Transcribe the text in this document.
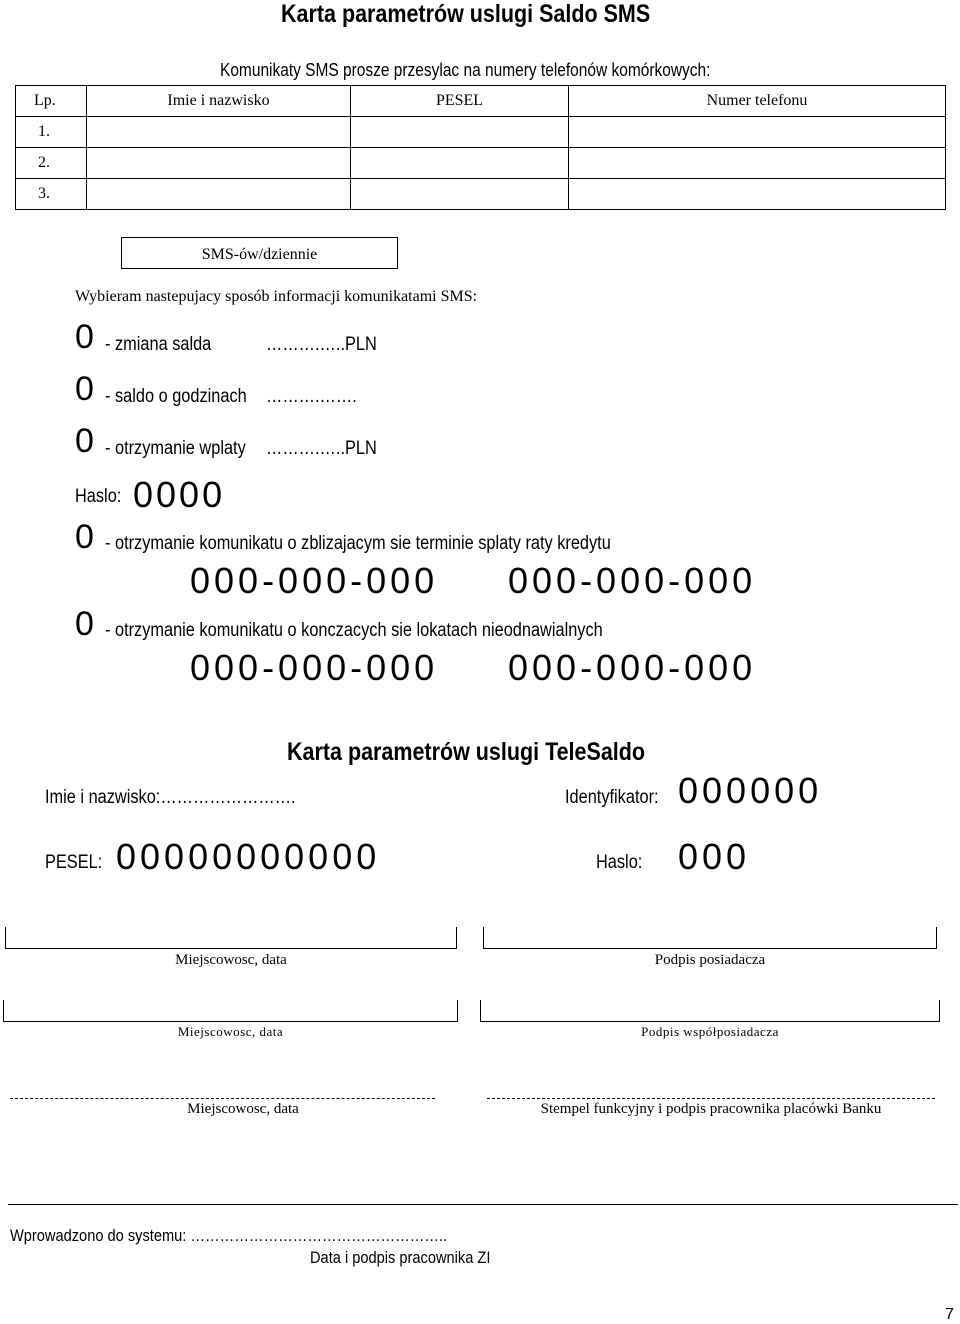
Karta parametrów uslugi Saldo SMS
Komunikaty SMS prosze przesylac na numery telefonów komórkowych:
Lp.	Imie i nazwisko	PESEL	Numer telefonu
1.			
2.			
3.			
SMS-ów/dziennie
Wybieram nastepujacy sposób informacji komunikatami SMS:
0 - zmiana salda	……….…..PLN
0 - saldo o godzinach ……….…….
0 - otrzymanie wplaty ……….…..PLN
Haslo: 0000
0 - otrzymanie komunikatu o zblizajacym sie terminie splaty raty kredytu
000-000-000 000-000-000
0 - otrzymanie komunikatu o konczacych sie lokatach nieodnawialnych
000-000-000 000-000-000
Karta parametrów uslugi TeleSaldo
Imie i nazwisko:…………………….	Identyfikator: 000000
PESEL: 00000000000	Haslo: 000
Miejscowosc, data	Podpis posiadacza
Miejscowosc, data	Podpis współposiadacza
Miejscowosc, data	Stempel funkcyjny i podpis pracownika placówki Banku
Wprowadzono do systemu: ……………………………………………..
Data i podpis pracownika ZI
7
